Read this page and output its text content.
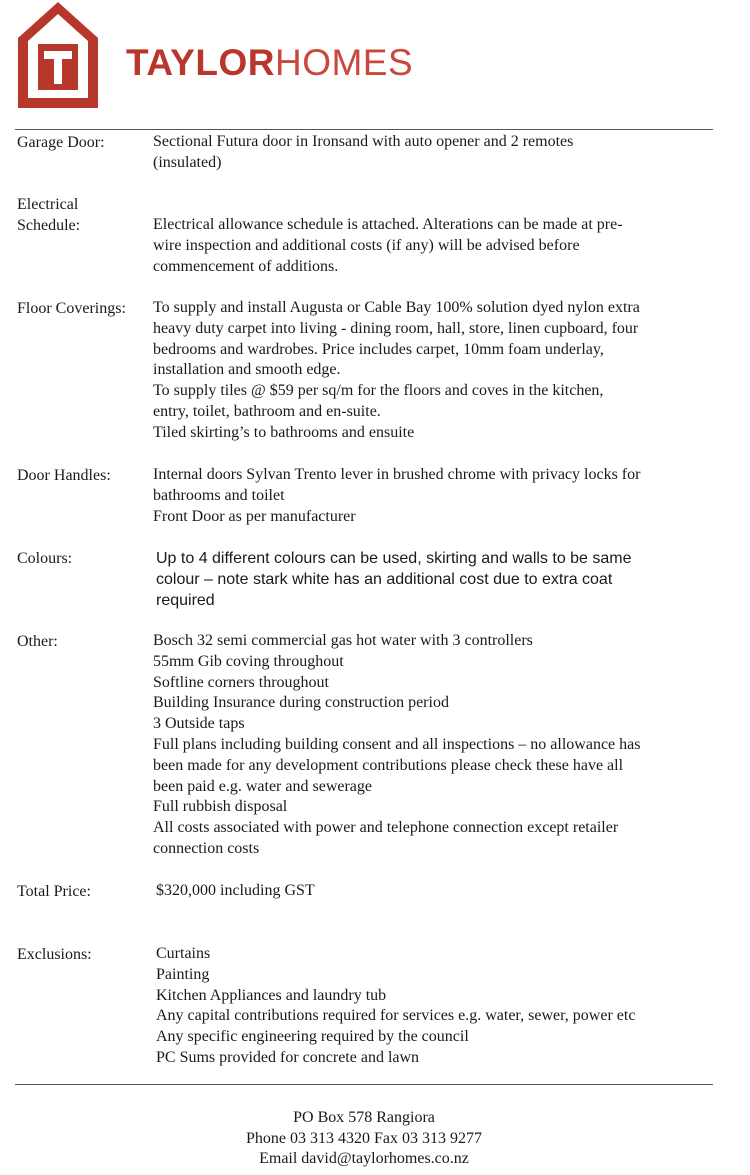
TAYLORHOMES
Garage Door:	Sectional Futura door in Ironsand with auto opener and 2 remotes
(insulated)
Electrical
Schedule:	Electrical allowance schedule is attached. Alterations can be made at pre-
wire inspection and additional costs (if any) will be advised before
commencement of additions.
Floor Coverings: To supply and install Augusta or Cable Bay 100% solution dyed nylon extra
heavy duty carpet into living - dining room, hall, store, linen cupboard, four
bedrooms and wardrobes. Price includes carpet, 10mm foam underlay,
installation and smooth edge.
To supply tiles @ $59 per sq/m for the floors and coves in the kitchen,
entry, toilet, bathroom and en-suite.
Tiled skirting’s to bathrooms and ensuite
Door Handles:	Internal doors Sylvan Trento lever in brushed chrome with privacy locks for
bathrooms and toilet
Front Door as per manufacturer
Colours:	Up to 4 different colours can be used, skirting and walls to be same
colour – note stark white has an additional cost due to extra coat
required
Other:	Bosch 32 semi commercial gas hot water with 3 controllers
55mm Gib coving throughout
Softline corners throughout
Building Insurance during construction period
3 Outside taps
Full plans including building consent and all inspections – no allowance has
been made for any development contributions please check these have all
been paid e.g. water and sewerage
Full rubbish disposal
All costs associated with power and telephone connection except retailer
connection costs
Total Price:	$320,000 including GST
Exclusions:	Curtains
Painting
Kitchen Appliances and laundry tub
Any capital contributions required for services e.g. water, sewer, power etc
Any specific engineering required by the council
PC Sums provided for concrete and lawn
PO Box 578 Rangiora
Phone 03 313 4320 Fax 03 313 9277
Email david@taylorhomes.co.nz
